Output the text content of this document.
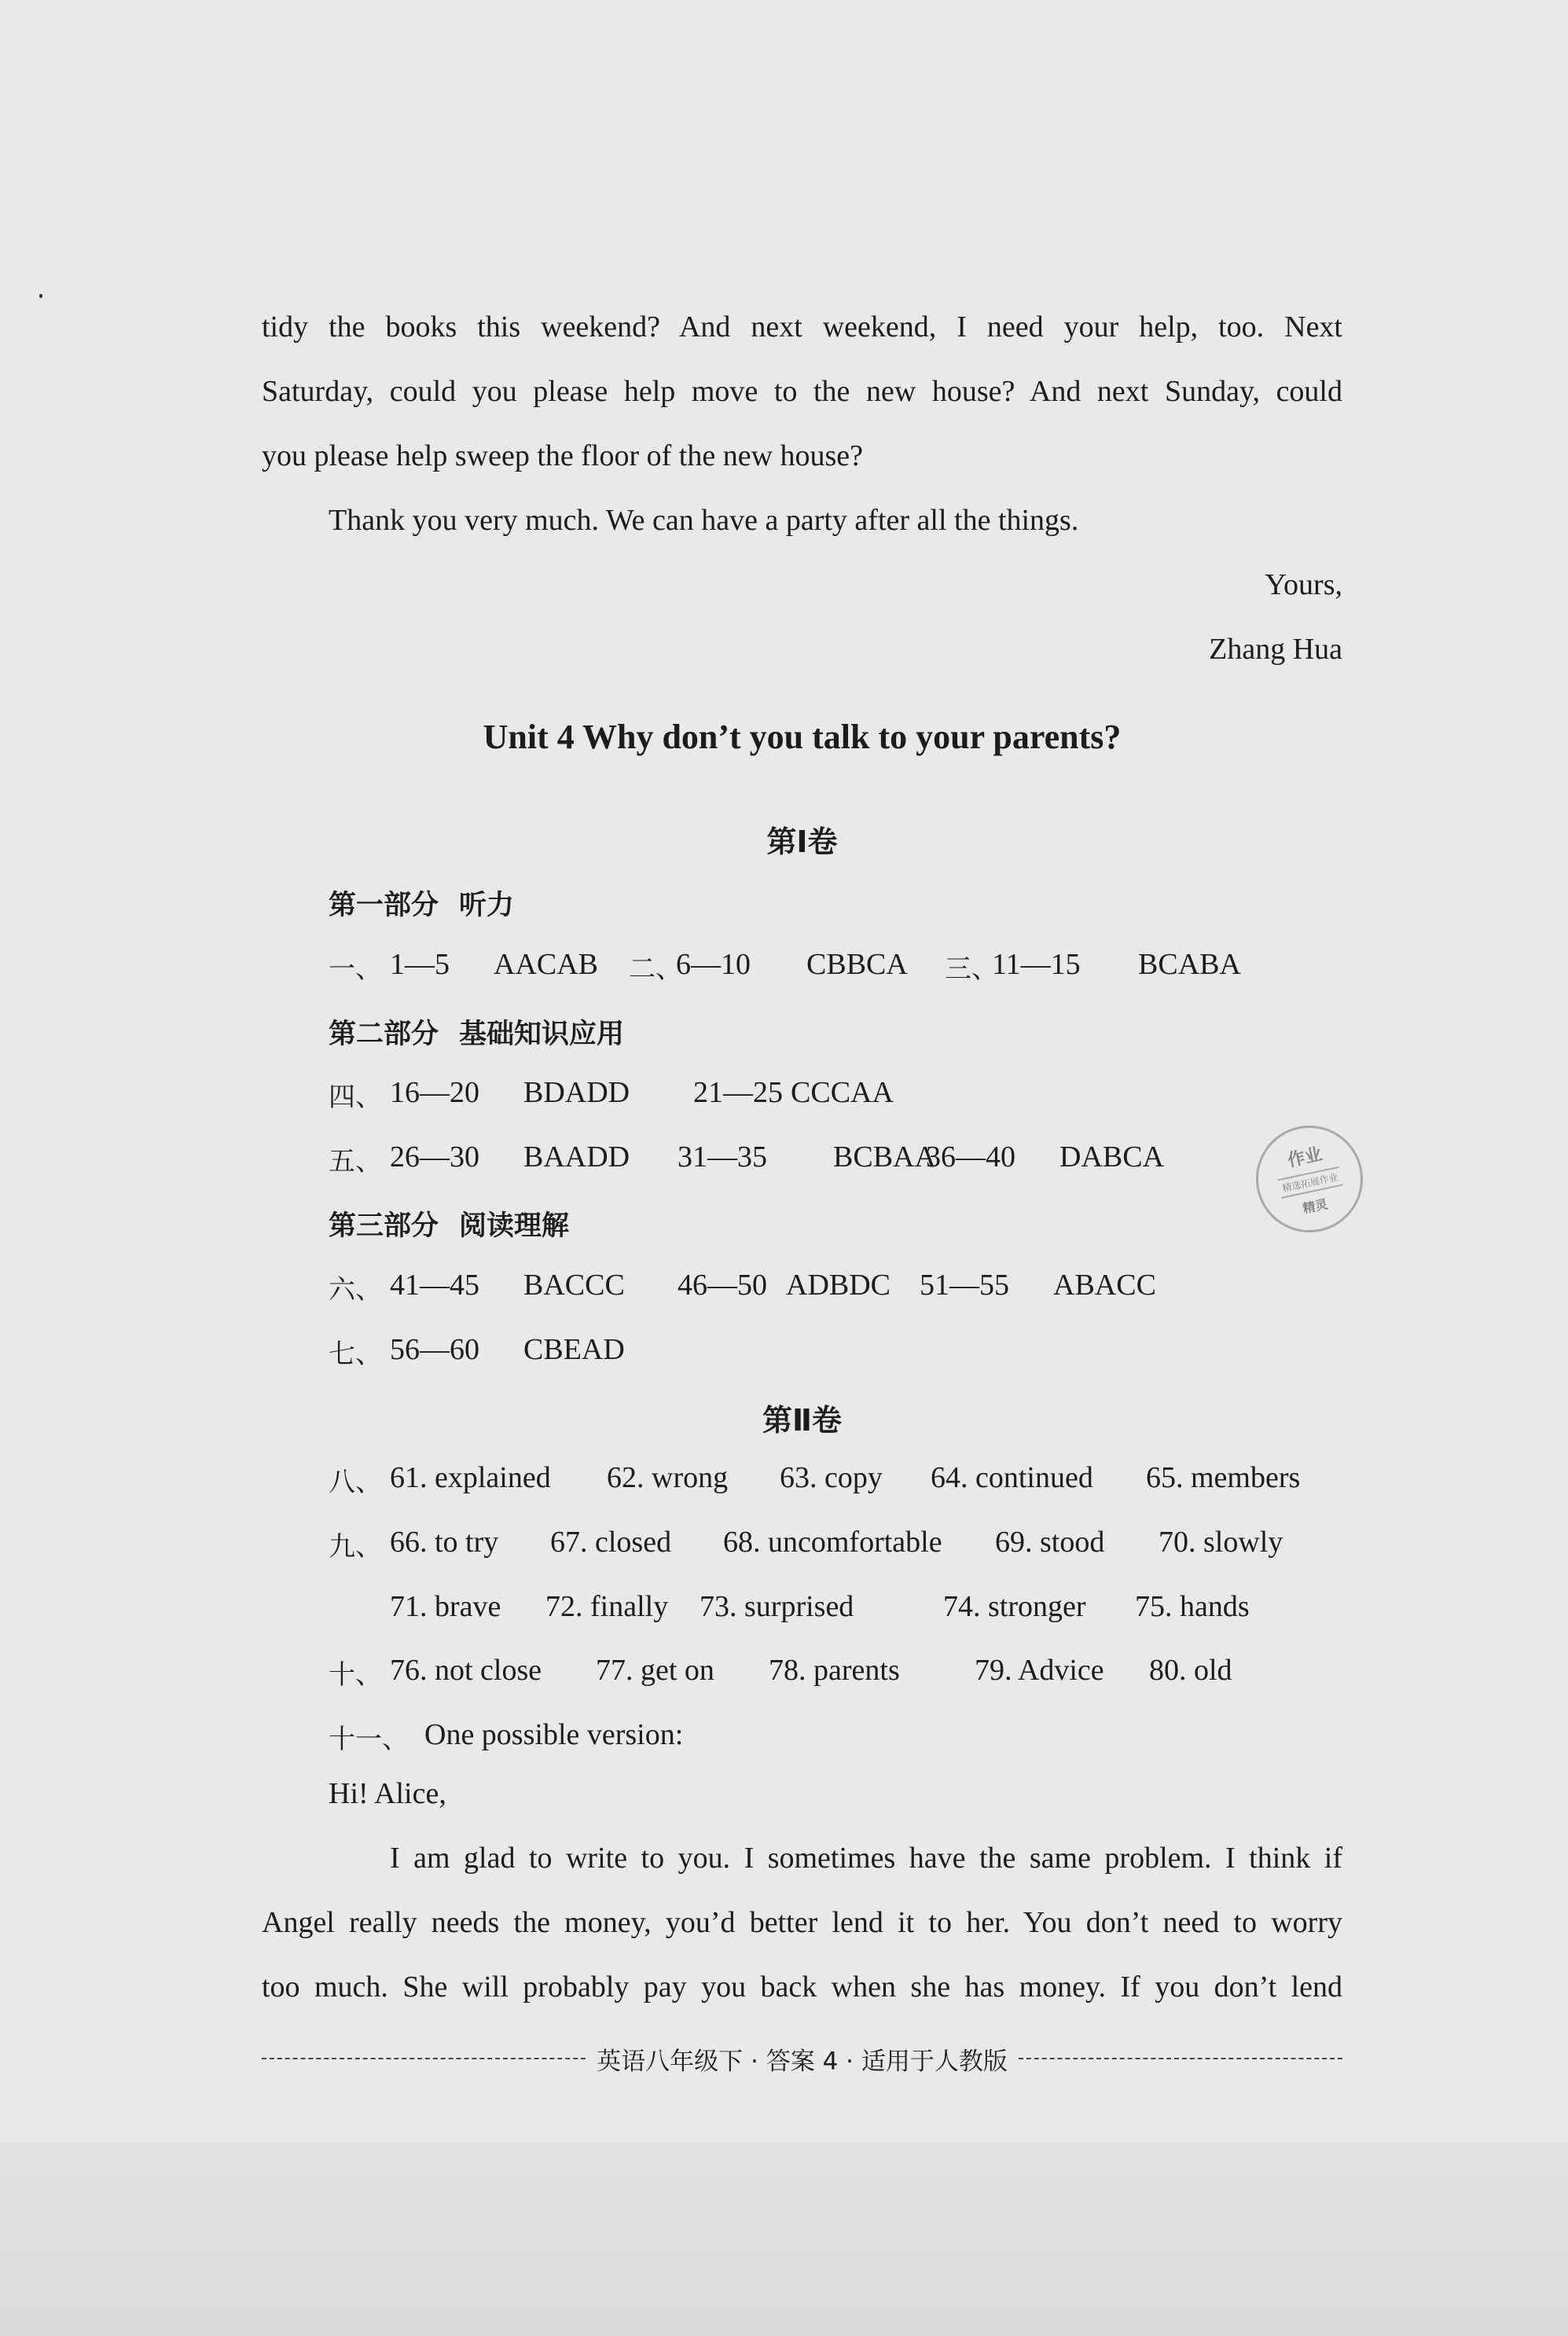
tidy the books this weekend? And next weekend, I need your help, too. Next

Saturday, could you please help move to the new house? And next Sunday, could

you please help sweep the floor of the new house?

Thank you very much. We can have a party after all the things.

Yours,

Zhang Hua

Unit 4 Why don’t you talk to your parents?
第Ⅰ卷
第一部分 听力
一、 1—5 AACAB 二、
6—10 CBBCA 三、
11—15 BCABA
第二部分 基础知识应用
四、 16—20 BDADD 21—25 CCCAA
五、 26—30 BAADD 31—35 BCBAA
36—40 DABCA
第三部分 阅读理解
六、 41—45 BACCC 46—50 ADBDC 51—55 ABACC
七、 56—60 CBEAD
第Ⅱ卷
八、 61. explained 62. wrong 63. copy 64. continued 65. members
九、 66. to try 67. closed 68. uncomfortable 69. stood 70. slowly
71. brave 72. finally 73. surprised	74. stronger 75. hands
十、 76. not close 77. get on 78. parents	79. Advice 80. old
十一、 One possible version:

Hi! Alice,

I am glad to write to you. I sometimes have the same problem. I think if

Angel really needs the money, you’d better lend it to her. You don’t need to worry

too much. She will probably pay you back when she has money. If you don’t lend

作业
精选拓展作业
精灵
英语八年级下 · 答案 4 · 适用于人教版
